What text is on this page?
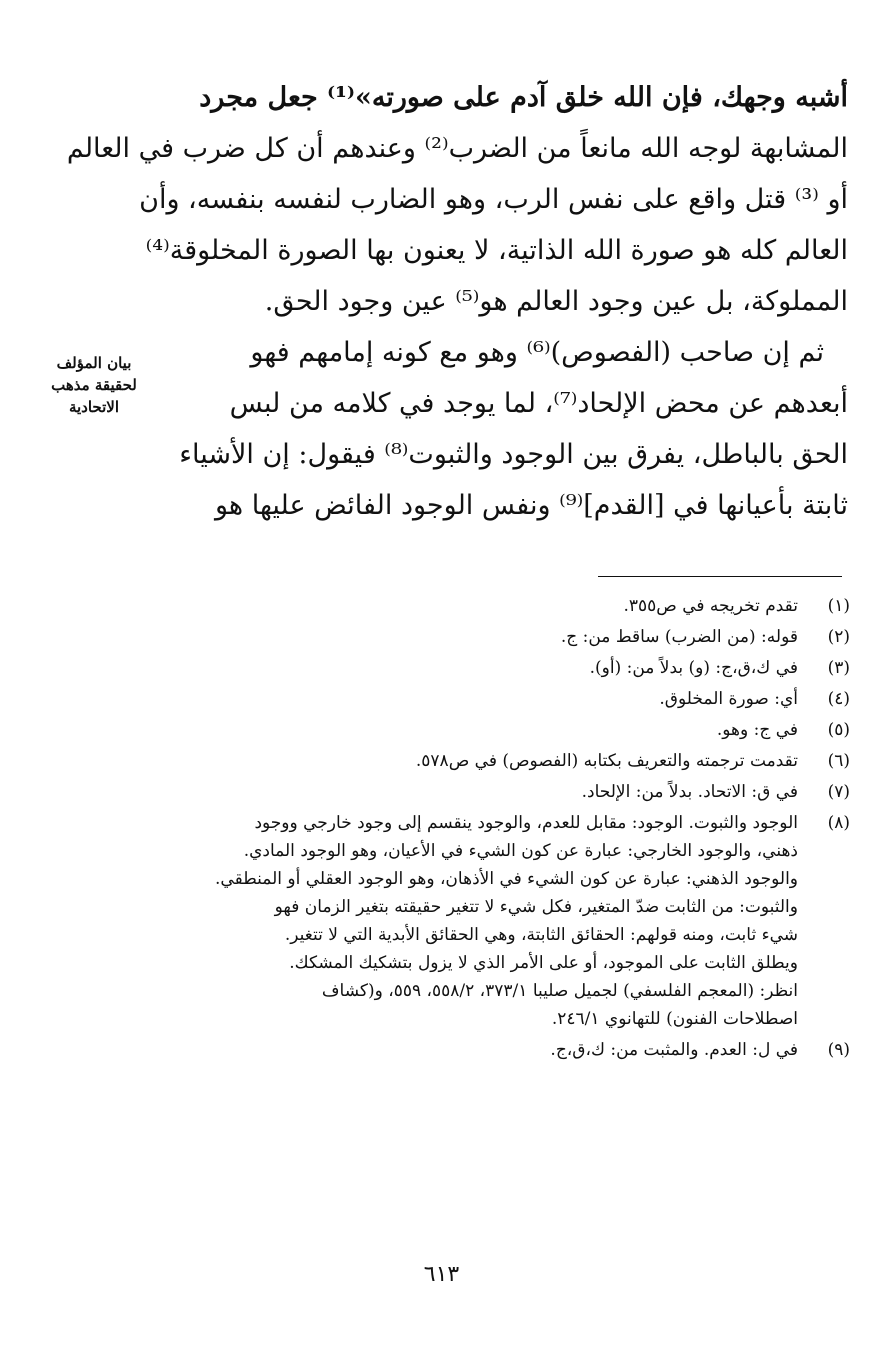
أشبه وجهك، فإن الله خلق آدم على صورته»⁽¹⁾ جعل مجرد
المشابهة لوجه الله مانعاً من الضرب⁽²⁾ وعندهم أن كل ضرب في العالم
أو ⁽³⁾ قتل واقع على نفس الرب، وهو الضارب لنفسه بنفسه، وأن
العالم كله هو صورة الله الذاتية، لا يعنون بها الصورة المخلوقة⁽⁴⁾
المملوكة، بل عين وجود العالم هو⁽⁵⁾ عين وجود الحق.
ثم إن صاحب (الفصوص)⁽⁶⁾ وهو مع كونه إمامهم فهو
أبعدهم عن محض الإلحاد⁽⁷⁾، لما يوجد في كلامه من لبس
الحق بالباطل، يفرق بين الوجود والثبوت⁽⁸⁾ فيقول: إن الأشياء
ثابتة بأعيانها في [القدم]⁽⁹⁾ ونفس الوجود الفائض عليها هو
بيان المؤلف
لحقيقة مذهب
الاتحادية
(١)
تقدم تخريجه في ص٣٥٥.
(٢)
قوله: (من الضرب) ساقط من: ج.
(٣)
في ك،ق،ج: (و) بدلاً من: (أو).
(٤)
أي: صورة المخلوق.
(٥)
في ج: وهو.
(٦)
تقدمت ترجمته والتعريف بكتابه (الفصوص) في ص٥٧٨.
(٧)
في ق: الاتحاد. بدلاً من: الإلحاد.
(٨)
الوجود والثبوت. الوجود: مقابل للعدم، والوجود ينقسم إلى وجود خارجي ووجود
ذهني، والوجود الخارجي: عبارة عن كون الشيء في الأعيان، وهو الوجود المادي.
والوجود الذهني: عبارة عن كون الشيء في الأذهان، وهو الوجود العقلي أو المنطقي.
والثبوت: من الثابت ضدّ المتغير، فكل شيء لا تتغير حقيقته بتغير الزمان فهو
شيء ثابت، ومنه قولهم: الحقائق الثابتة، وهي الحقائق الأبدية التي لا تتغير.
ويطلق الثابت على الموجود، أو على الأمر الذي لا يزول بتشكيك المشكك.
انظر: (المعجم الفلسفي) لجميل صليبا ٣٧٣/١، ٥٥٨/٢، ٥٥٩، و(كشاف
اصطلاحات الفنون) للتهانوي ٢٤٦/١.
(٩)
في ل: العدم. والمثبت من: ك،ق،ج.
٦١٣
